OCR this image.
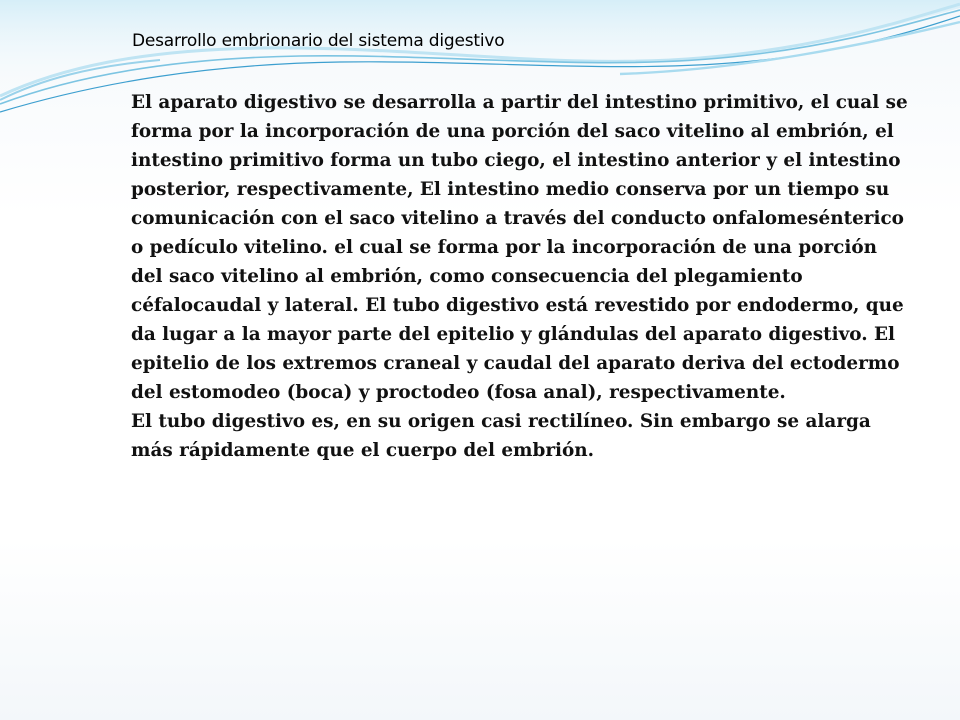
Desarrollo embrionario del sistema digestivo

El aparato digestivo se desarrolla a partir del intestino primitivo, el cual se forma por la incorporación de una porción del saco vitelino al embrión, el intestino primitivo forma un tubo ciego, el intestino anterior y el intestino posterior, respectivamente, El intestino medio conserva por un tiempo su comunicación con el saco vitelino a través del conducto onfalomesénterico o pedículo vitelino. el cual se forma por la incorporación de una porción del saco vitelino al embrión, como consecuencia del plegamiento céfalocaudal y lateral. El tubo digestivo está revestido por endodermo, que da lugar a la mayor parte del epitelio y glándulas del aparato digestivo. El epitelio de los extremos craneal y caudal del aparato deriva del ectodermo del estomodeo (boca) y proctodeo (fosa anal), respectivamente.

El tubo digestivo es, en su origen casi rectilíneo. Sin embargo se alarga más rápidamente que el cuerpo del embrión.
